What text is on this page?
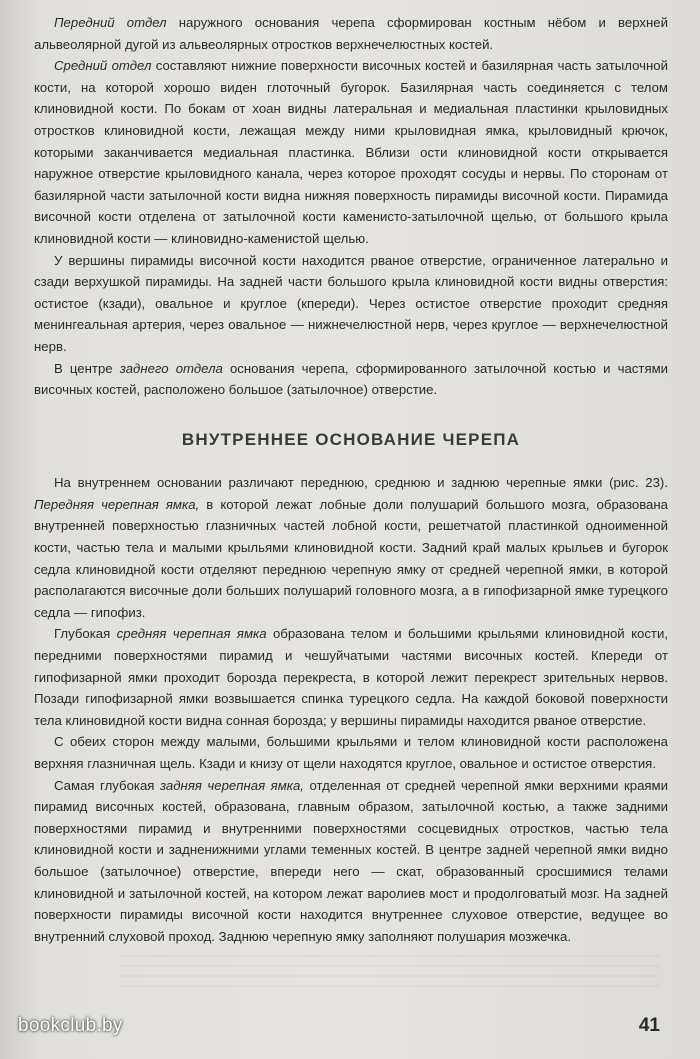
Передний отдел наружного основания черепа сформирован костным нёбом и верхней альвеолярной дугой из альвеолярных отростков верхнечелюстных костей.

Средний отдел составляют нижние поверхности височных костей и базилярная часть затылочной кости, на которой хорошо виден глоточный бугорок. Базилярная часть соединяется с телом клиновидной кости. По бокам от хоан видны латеральная и медиальная пластинки крыловидных отростков клиновидной кости, лежащая между ними крыловидная ямка, крыловидный крючок, которыми заканчивается медиальная пластинка. Вблизи ости клиновидной кости открывается наружное отверстие крыловидного канала, через которое проходят сосуды и нервы. По сторонам от базилярной части затылочной кости видна нижняя поверхность пирамиды височной кости. Пирамида височной кости отделена от затылочной кости каменисто-затылочной щелью, от большого крыла клиновидной кости — клиновидно-каменистой щелью.

У вершины пирамиды височной кости находится рваное отверстие, ограниченное латерально и сзади верхушкой пирамиды. На задней части большого крыла клиновидной кости видны отверстия: остистое (кзади), овальное и круглое (кпереди). Через остистое отверстие проходит средняя менингеальная артерия, через овальное — нижнечелюстной нерв, через круглое — верхнечелюстной нерв.

В центре заднего отдела основания черепа, сформированного затылочной костью и частями височных костей, расположено большое (затылочное) отверстие.

ВНУТРЕННЕЕ ОСНОВАНИЕ ЧЕРЕПА

На внутреннем основании различают переднюю, среднюю и заднюю черепные ямки (рис. 23). Передняя черепная ямка, в которой лежат лобные доли полушарий большого мозга, образована внутренней поверхностью глазничных частей лобной кости, решетчатой пластинкой одноименной кости, частью тела и малыми крыльями клиновидной кости. Задний край малых крыльев и бугорок седла клиновидной кости отделяют переднюю черепную ямку от средней черепной ямки, в которой располагаются височные доли больших полушарий головного мозга, а в гипофизарной ямке турецкого седла — гипофиз.

Глубокая средняя черепная ямка образована телом и большими крыльями клиновидной кости, передними поверхностями пирамид и чешуйчатыми частями височных костей. Кпереди от гипофизарной ямки проходит борозда перекреста, в которой лежит перекрест зрительных нервов. Позади гипофизарной ямки возвышается спинка турецкого седла. На каждой боковой поверхности тела клиновидной кости видна сонная борозда; у вершины пирамиды находится рваное отверстие.

С обеих сторон между малыми, большими крыльями и телом клиновидной кости расположена верхняя глазничная щель. Кзади и книзу от щели находятся круглое, овальное и остистое отверстия.

Самая глубокая задняя черепная ямка, отделенная от средней черепной ямки верхними краями пирамид височных костей, образована, главным образом, затылочной костью, а также задними поверхностями пирамид и внутренними поверхностями сосцевидных отростков, частью тела клиновидной кости и задненижними углами теменных костей. В центре задней черепной ямки видно большое (затылочное) отверстие, впереди него — скат, образованный сросшимися телами клиновидной и затылочной костей, на котором лежат варолиев мост и продолговатый мозг. На задней поверхности пирамиды височной кости находится внутреннее слуховое отверстие, ведущее во внутренний слуховой проход. Заднюю черепную ямку заполняют полушария мозжечка.

bookclub.by	41
